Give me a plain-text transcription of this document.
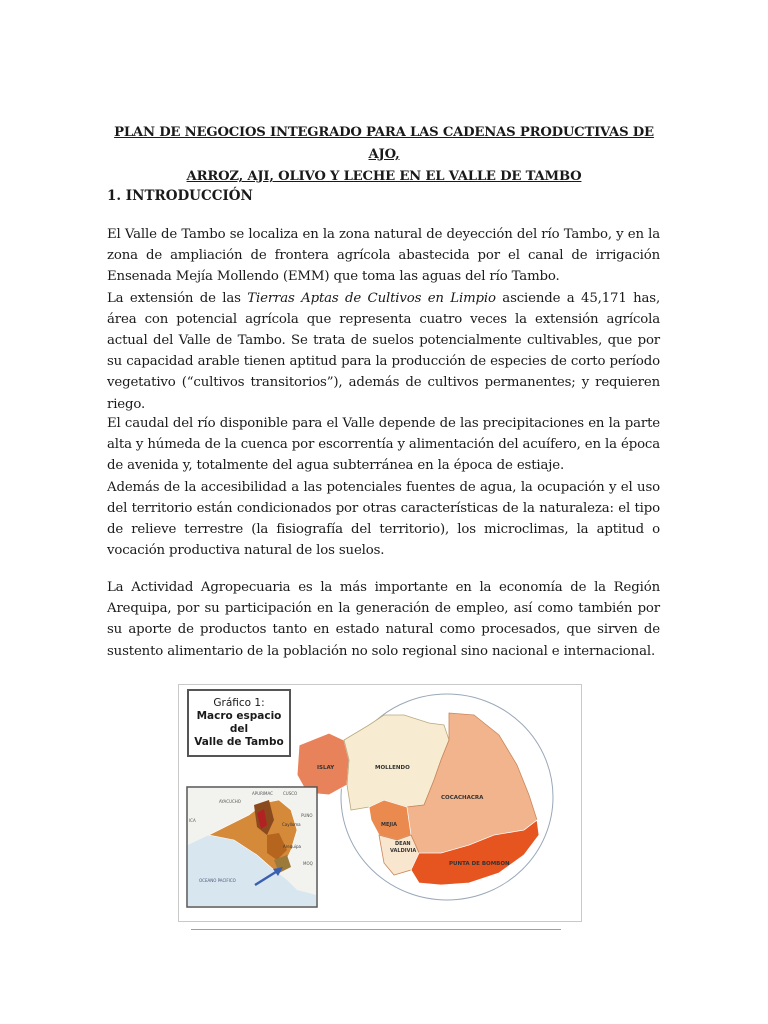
PLAN DE NEGOCIOS INTEGRADO PARA LAS CADENAS PRODUCTIVAS DE AJO,
ARROZ, AJI, OLIVO Y LECHE EN EL VALLE DE TAMBO
1. INTRODUCCIÓN

El Valle de Tambo se localiza en la zona natural de deyección del río Tambo, y en la zona de ampliación de frontera agrícola abastecida por el canal de irrigación Ensenada Mejía Mollendo (EMM) que toma las aguas del río Tambo.

La extensión de las Tierras Aptas de Cultivos en Limpio asciende a 45,171 has, área con potencial agrícola que representa cuatro veces la extensión agrícola actual del Valle de Tambo. Se trata de suelos potencialmente cultivables, que por su capacidad arable tienen aptitud para la producción de especies de corto período vegetativo (“cultivos transitorios”), además de cultivos permanentes; y requieren riego.

El caudal del río disponible para el Valle depende de las precipitaciones en la parte alta y húmeda de la cuenca por escorrentía y alimentación del acuífero, en la época de avenida y, totalmente del agua subterránea en la época de estiaje.

Además de la accesibilidad a las potenciales fuentes de agua, la ocupación y el uso del territorio están condicionados por otras características de la naturaleza: el tipo de relieve terrestre (la fisiografía del territorio), los microclimas, la aptitud o vocación productiva natural de los suelos.

La Actividad Agropecuaria es la más importante en la economía de la Región Arequipa, por su participación en la generación de empleo, así como también por su aporte de productos tanto en estado natural como procesados, que sirven de sustento alimentario de la población no solo regional sino nacional e internacional.
ISLAY	MOLLENDO
COCACHACRA
MEJIA
DEAN
VALDIVIA
PUNTA DE BOMBON
AYACUCHO
APURIMAC	CUSCO
PUNO
ICA
Caylloma
Arequipa
MOQ
OCEANO PACIFICO
Gráfico 1:
Macro espacio del
Valle de Tambo
